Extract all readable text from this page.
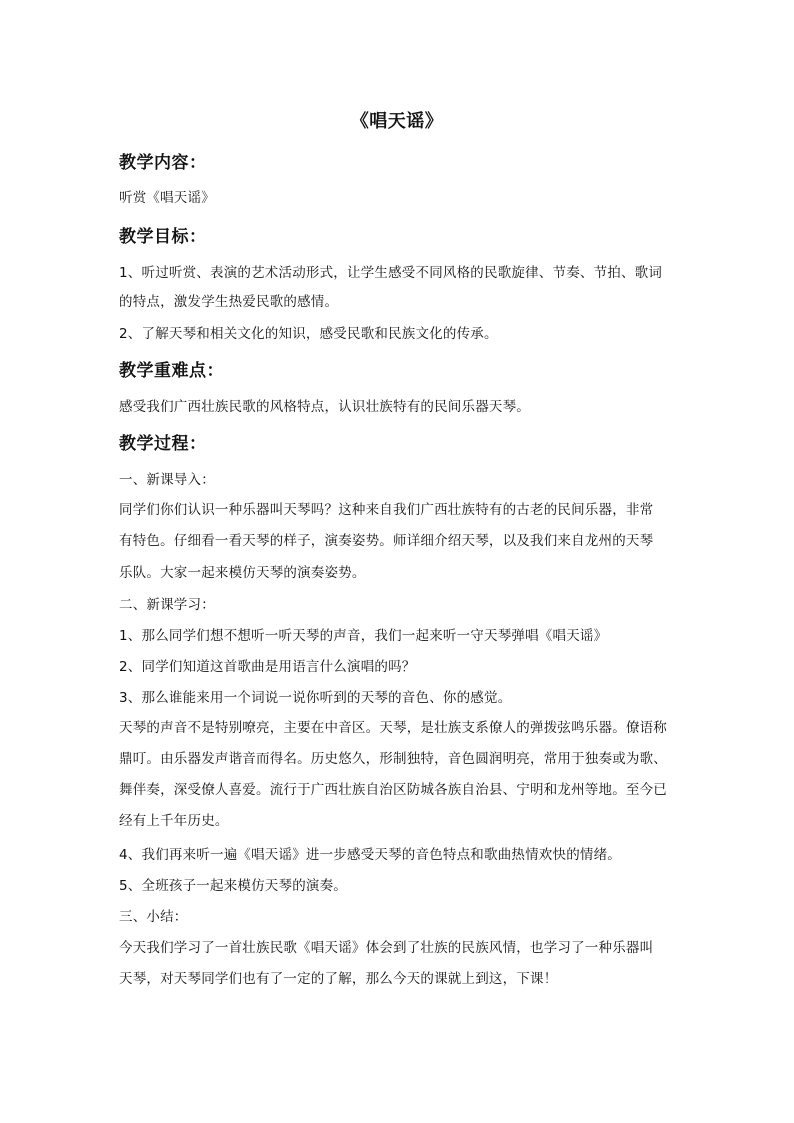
《唱天谣》
教学内容：
听赏《唱天谣》
教学目标：
1、听过听赏、表演的艺术活动形式，让学生感受不同风格的民歌旋律、节奏、节拍、歌词
的特点，激发学生热爱民歌的感情。
2、了解天琴和相关文化的知识，感受民歌和民族文化的传承。
教学重难点：
感受我们广西壮族民歌的风格特点，认识壮族特有的民间乐器天琴。
教学过程：
一、新课导入：
同学们你们认识一种乐器叫天琴吗？这种来自我们广西壮族特有的古老的民间乐器，非常
有特色。仔细看一看天琴的样子，演奏姿势。师详细介绍天琴，以及我们来自龙州的天琴
乐队。大家一起来模仿天琴的演奏姿势。
二、新课学习：
1、那么同学们想不想听一听天琴的声音，我们一起来听一守天琴弹唱《唱天谣》
2、同学们知道这首歌曲是用语言什么演唱的吗？
3、那么谁能来用一个词说一说你听到的天琴的音色、你的感觉。
天琴的声音不是特别嘹亮，主要在中音区。天琴，是壮族支系僚人的弹拨弦鸣乐器。僚语称
鼎叮。由乐器发声谐音而得名。历史悠久，形制独特，音色圆润明亮，常用于独奏或为歌、
舞伴奏，深受僚人喜爱。流行于广西壮族自治区防城各族自治县、宁明和龙州等地。至今已
经有上千年历史。
4、我们再来听一遍《唱天谣》进一步感受天琴的音色特点和歌曲热情欢快的情绪。
5、全班孩子一起来模仿天琴的演奏。
三、小结：
今天我们学习了一首壮族民歌《唱天谣》体会到了壮族的民族风情，也学习了一种乐器叫
天琴，对天琴同学们也有了一定的了解，那么今天的课就上到这，下课！
